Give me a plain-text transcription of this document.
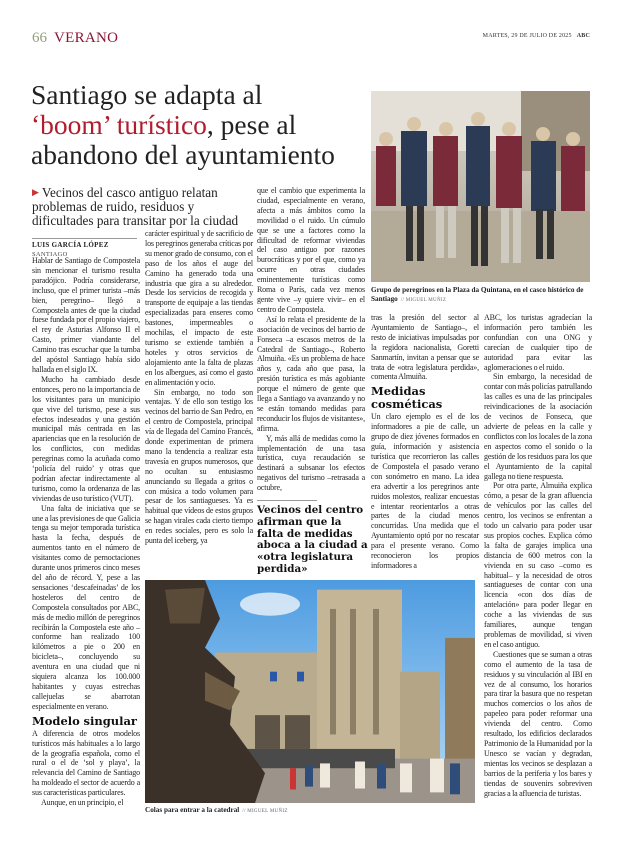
66 VERANO	MARTES, 29 DE JULIO DE 2025 ABC
Santiago se adapta al
‘boom’ turístico, pese al abandono del ayuntamiento
▶ Vecinos del casco antiguo relatan problemas de ruido, residuos y dificultades para transitar por la ciudad
LUIS GARCÍA LÓPEZ
SANTIAGO

Hablar de Santiago de Compostela sin mencionar el turismo resulta paradójico. Podría considerarse, incluso, que el primer turista –más bien, peregrino– llegó a Compostela antes de que la ciudad fuese fundada por el propio viajero, el rey de Asturias Alfonso II el Casto, primer viandante del Camino tras escuchar que la tumba del apóstol Santiago había sido hallada en el siglo IX.

Mucho ha cambiado desde entonces, pero no la importancia de los visitantes para un municipio que vive del turismo, pese a sus efectos indeseados y una gestión municipal más centrada en las apariencias que en la resolución de los conflictos, con medidas peregrinas como la acuñada como ‘policía del ruido’ y otras que podrían afectar indirectamente al turismo, como la ordenanza de las viviendas de uso turístico (VUT).

Una falta de iniciativa que se une a las previsiones de que Galicia tenga su mejor temporada turística hasta la fecha, después de aumentos tanto en el número de visitantes como de pernoctaciones durante unos primeros cinco meses del año de récord. Y, pese a las sensaciones ‘descafeinadas’ de los hosteleros del centro de Compostela consultados por ABC, más de medio millón de peregrinos recibirán la Compostela este año –conforme han realizado 100 kilómetros a pie o 200 en bicicleta–, concluyendo su aventura en una ciudad que ni siquiera alcanza los 100.000 habitantes y cuyas estrechas callejuelas se abarrotan especialmente en verano.

Modelo singular

A diferencia de otros modelos turísticos más habituales a lo largo de la geografía española, como el rural o el de ‘sol y playa’, la relevancia del Camino de Santiago ha moldeado el sector de acuerdo a sus características particulares.

Aunque, en un principio, el

carácter espiritual y de sacrificio de los peregrinos generaba críticas por su menor grado de consumo, con el paso de los años el auge del Camino ha generado toda una industria que gira a su alrededor. Desde los servicios de recogida y transporte de equipaje a las tiendas especializadas para enseres como bastones, impermeables o mochilas, el impacto de este turismo se extiende también a hoteles y otros servicios de alojamiento ante la falta de plazas en los albergues, así como el gasto en alimentación y ocio.

Sin embargo, no todo son ventajas. Y de ello son testigo los vecinos del barrio de San Pedro, en el centro de Compostela, principal vía de llegada del Camino Francés, donde experimentan de primera mano la tendencia a realizar esta travesía en grupos numerosos, que no ocultan su entusiasmo anunciando su llegada a gritos o con música a todo volumen para pesar de los santiagueses. Ya es habitual que vídeos de estos grupos se hagan virales cada cierto tiempo en redes sociales, pero es solo la punta del iceberg, ya

que el cambio que experimenta la ciudad, especialmente en verano, afecta a más ámbitos como la movilidad o el ruido. Un cúmulo que se une a factores como la dificultad de reformar viviendas del caso antiguo por razones burocráticas y por el que, como ya ocurre en otras ciudades eminentemente turísticas como Roma o París, cada vez menos gente vive –y quiere vivir– en el centro de Compostela.

Así lo relata el presidente de la asociación de vecinos del barrio de Fonseca –a escasos metros de la Catedral de Santiago–, Roberto Almuiña. «Es un problema de hace años y, cada año que pasa, la presión turística es más agobiante porque el número de gente que llega a Santiago va avanzando y no se están tomando medidas para reconducir los flujos de visitantes», afirma.

Y, más allá de medidas como la implementación de una tasa turística, cuya recaudación se destinará a subsanar los efectos negativos del turismo –retrasada a octubre,

Vecinos del centro afirman que la falta de medidas aboca a la ciudad a «otra legislatura perdida»

tras la presión del sector al Ayuntamiento de Santiago–, el resto de iniciativas impulsadas por la regidora nacionalista, Goretti Sanmartín, invitan a pensar que se trata de «otra legislatura perdida», comenta Almuiña.

Medidas cosméticas

Un claro ejemplo es el de los informadores a pie de calle, un grupo de diez jóvenes formados en guía, información y asistencia turística que recorrieron las calles de Compostela el pasado verano con sonómetro en mano. La idea era advertir a los peregrinos ante ruidos molestos, realizar encuestas e intentar reorientarlos a otras partes de la ciudad menos concurridas. Una medida que el Ayuntamiento optó por no rescatar para el presente verano. Como reconocieron los propios informadores a

ABC, los turistas agradecían la información pero también les confundían con una ONG y carecían de cualquier tipo de autoridad para evitar las aglomeraciones o el ruido.

Sin embargo, la necesidad de contar con más policías patrullando las calles es una de las principales reivindicaciones de la asociación de vecinos de Fonseca, que advierte de peleas en la calle y conflictos con los locales de la zona en aspectos como el sonido o la gestión de los residuos para los que el Ayuntamiento de la capital gallega no tiene respuesta.

Por otra parte, Almuiña explica cómo, a pesar de la gran afluencia de vehículos por las calles del centro, los vecinos se enfrentan a todo un calvario para poder usar sus propios coches. Explica cómo la falta de garajes implica una distancia de 600 metros con la vivienda en su caso –como es habitual– y la necesidad de otros santiagueses de contar con una licencia «con dos días de antelación» para poder llegar en coche a las viviendas de sus familiares, aunque tengan problemas de movilidad, si viven en el caso antiguo.

Cuestiones que se suman a otras como el aumento de la tasa de residuos y su vinculación al IBI en vez de al consumo, los horarios para tirar la basura que no respetan muchos comercios o los años de papeleo para poder reformar una vivienda del centro. Como resultado, los edificios declarados Patrimonio de la Humanidad por la Unesco se vacían y degradan, mientas los vecinos se desplazan a barrios de la periferia y los bares y tiendas de souvenirs sobreviven gracias a la afluencia de turistas.

Grupo de peregrinos en la Plaza da Quintana, en el casco histórico de Santiago // MIGUEL MUÑIZ
Colas para entrar a la catedral // MIGUEL MUÑIZ
